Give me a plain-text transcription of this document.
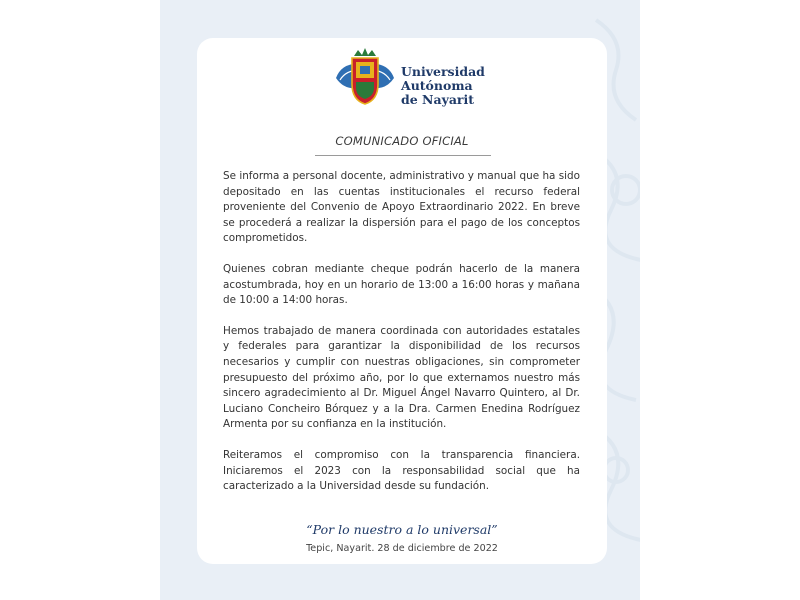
Universidad
Autónoma
de Nayarit
COMUNICADO OFICIAL

Se informa a personal docente, administrativo y manual que ha sido depositado en las cuentas institucionales el recurso federal proveniente del Convenio de Apoyo Extraordinario 2022. En breve se procederá a realizar la dispersión para el pago de los conceptos comprometidos.

Quienes cobran mediante cheque podrán hacerlo de la manera acostumbrada, hoy en un horario de 13:00 a 16:00 horas y mañana de 10:00 a 14:00 horas.

Hemos trabajado de manera coordinada con autoridades estatales y federales para garantizar la disponibilidad de los recursos necesarios y cumplir con nuestras obligaciones, sin comprometer presupuesto del próximo año, por lo que externamos nuestro más sincero agradecimiento al Dr. Miguel Ángel Navarro Quintero, al Dr. Luciano Concheiro Bórquez y a la Dra. Carmen Enedina Rodríguez Armenta por su confianza en la institución.

Reiteramos el compromiso con la transparencia financiera. Iniciaremos el 2023 con la responsabilidad social que ha caracterizado a la Universidad desde su fundación.

“Por lo nuestro a lo universal”
Tepic, Nayarit. 28 de diciembre de 2022
